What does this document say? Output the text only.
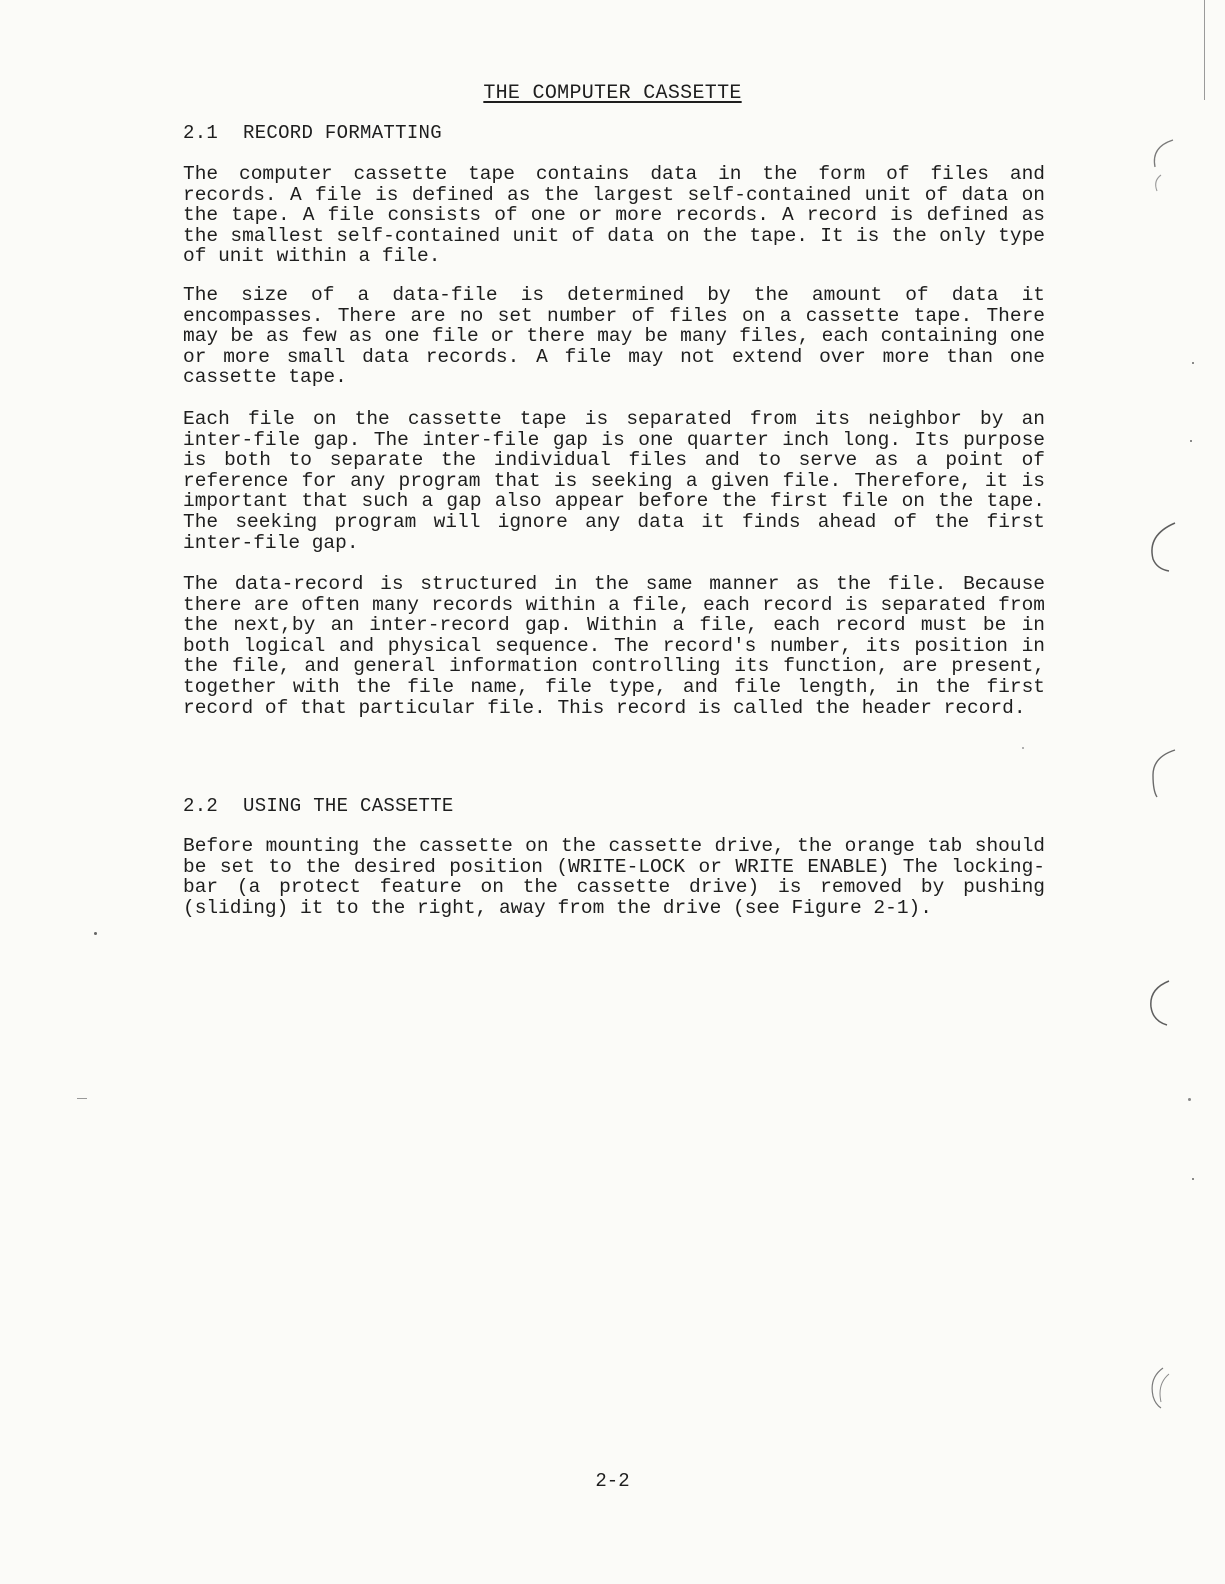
THE COMPUTER CASSETTE
2.1 RECORD FORMATTING

The computer cassette tape contains data in the form of files and records. A file is defined as the largest self-contained unit of data on the tape. A file consists of one or more records. A record is defined as the smallest self-contained unit of data on the tape. It is the only type of unit within a file.

The size of a data-file is determined by the amount of data it encompasses. There are no set number of files on a cassette tape. There may be as few as one file or there may be many files, each containing one or more small data records. A file may not extend over more than one cassette tape.

Each file on the cassette tape is separated from its neighbor by an inter-file gap. The inter-file gap is one quarter inch long. Its purpose is both to separate the individual files and to serve as a point of reference for any program that is seeking a given file. Therefore, it is important that such a gap also appear before the first file on the tape. The seeking program will ignore any data it finds ahead of the first inter-file gap.

The data-record is structured in the same manner as the file. Because there are often many records within a file, each record is separated from the next,by an inter-record gap. Within a file, each record must be in both logical and physical sequence. The record's number, its position in the file, and general information controlling its function, are present, together with the file name, file type, and file length, in the first record of that particular file. This record is called the header record.

2.2 USING THE CASSETTE

Before mounting the cassette on the cassette drive, the orange tab should be set to the desired position (WRITE-LOCK or WRITE ENABLE) The locking-bar (a protect feature on the cassette drive) is removed by pushing (sliding) it to the right, away from the drive (see Figure 2-1).

2-2
